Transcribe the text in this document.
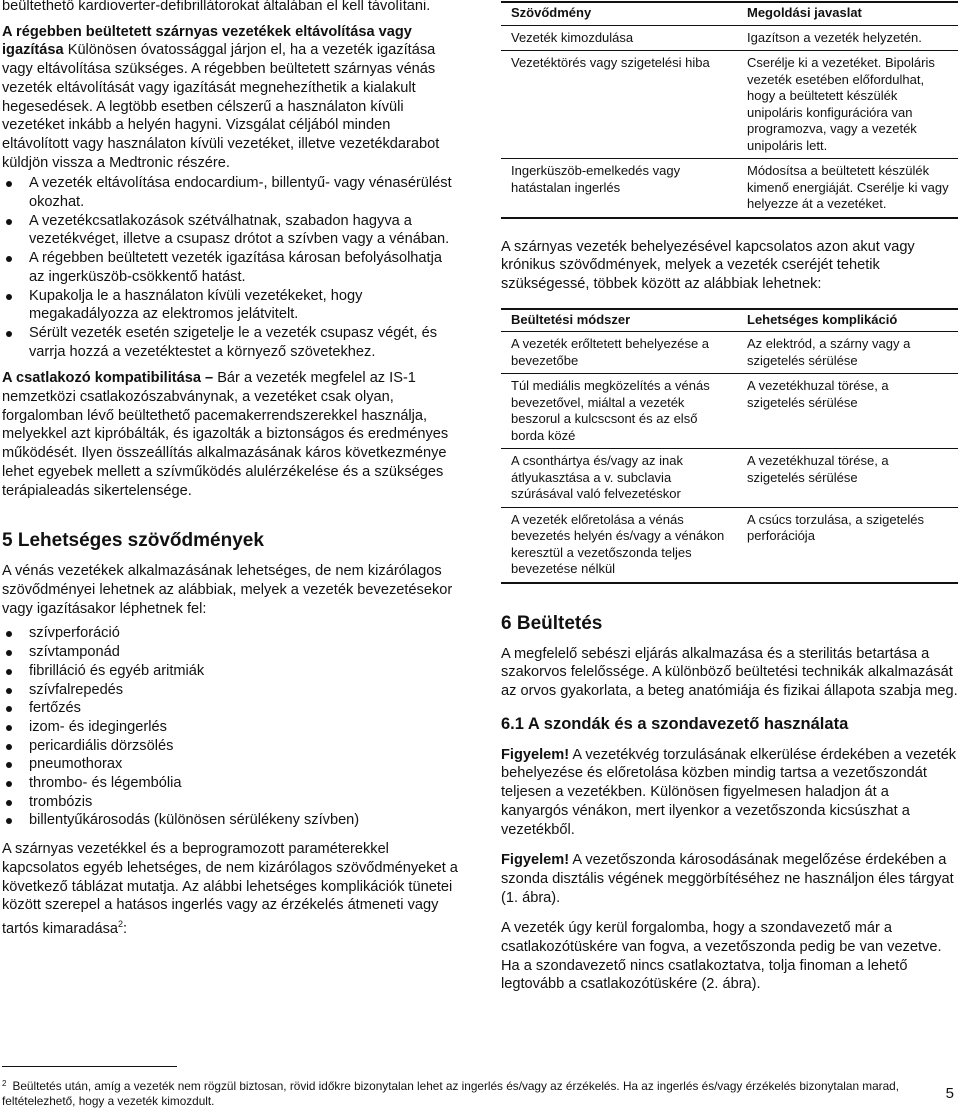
beültethető kardioverter-defibrillátorokat általában el kell távolítani.

A régebben beültetett szárnyas vezetékek eltávolítása vagy igazítása Különösen óvatossággal járjon el, ha a vezeték igazítása vagy eltávolítása szükséges. A régebben beültetett szárnyas vénás vezeték eltávolítását vagy igazítását megnehezíthetik a kialakult hegesedések. A legtöbb esetben célszerű a használaton kívüli vezetéket inkább a helyén hagyni. Vizsgálat céljából minden eltávolított vagy használaton kívüli vezetéket, illetve vezetékdarabot küldjön vissza a Medtronic részére.

A vezeték eltávolítása endocardium-, billentyű- vagy vénasérülést okozhat.
A vezetékcsatlakozások szétválhatnak, szabadon hagyva a vezetékvéget, illetve a csupasz drótot a szívben vagy a vénában.
A régebben beültetett vezeték igazítása károsan befolyásolhatja az ingerküszöb-csökkentő hatást.
Kupakolja le a használaton kívüli vezetékeket, hogy megakadályozza az elektromos jelátvitelt.
Sérült vezeték esetén szigetelje le a vezeték csupasz végét, és varrja hozzá a vezetéktestet a környező szövetekhez.

A csatlakozó kompatibilitása – Bár a vezeték megfelel az IS-1 nemzetközi csatlakozószabványnak, a vezetéket csak olyan, forgalomban lévő beültethető pacemakerrendszerekkel használja, melyekkel azt kipróbálták, és igazolták a biztonságos és eredményes működését. Ilyen összeállítás alkalmazásának káros következménye lehet egyebek mellett a szívműködés alulérzékelése és a szükséges terápialeadás sikertelensége.

5 Lehetséges szövődmények

A vénás vezetékek alkalmazásának lehetséges, de nem kizárólagos szövődményei lehetnek az alábbiak, melyek a vezeték bevezetésekor vagy igazításakor léphetnek fel:

szívperforáció
szívtamponád
fibrilláció és egyéb aritmiák
szívfalrepedés
fertőzés
izom- és idegingerlés
pericardiális dörzsölés
pneumothorax
thrombo- és légembólia
trombózis
billentyűkárosodás (különösen sérülékeny szívben)

A szárnyas vezetékkel és a beprogramozott paraméterekkel kapcsolatos egyéb lehetséges, de nem kizárólagos szövődményeket a következő táblázat mutatja. Az alábbi lehetséges komplikációk tünetei között szerepel a hatásos ingerlés vagy az érzékelés átmeneti vagy tartós kimaradása$^2$:

Szövődmény	Megoldási javaslat
Vezeték kimozdulása	Igazítson a vezeték helyzetén.
Vezetéktörés vagy szigetelési hiba	Cserélje ki a vezetéket. Bipoláris vezeték esetében előfordulhat, hogy a beültetett készülék unipoláris konfigurációra van programozva, vagy a vezeték unipoláris lett.
Ingerküszöb-emelkedés vagy hatástalan ingerlés	Módosítsa a beültetett készülék kimenő energiáját. Cserélje ki vagy helyezze át a vezetéket.

A szárnyas vezeték behelyezésével kapcsolatos azon akut vagy krónikus szövődmények, melyek a vezeték cseréjét tehetik szükségessé, többek között az alábbiak lehetnek:

Beültetési módszer	Lehetséges komplikáció
A vezeték erőltetett behelyezése a bevezetőbe	Az elektród, a szárny vagy a szigetelés sérülése
Túl mediális megközelítés a vénás bevezetővel, miáltal a vezeték beszorul a kulcscsont és az első borda közé	A vezetékhuzal törése, a szigetelés sérülése
A csonthártya és/vagy az inak átlyukasztása a v. subclavia szúrásával való felvezetéskor	A vezetékhuzal törése, a szigetelés sérülése
A vezeték előretolása a vénás bevezetés helyén és/vagy a vénákon keresztül a vezetőszonda teljes bevezetése nélkül	A csúcs torzulása, a szigetelés perforációja

6 Beültetés

A megfelelő sebészi eljárás alkalmazása és a sterilitás betartása a szakorvos felelőssége. A különböző beültetési technikák alkalmazását az orvos gyakorlata, a beteg anatómiája és fizikai állapota szabja meg.

6.1 A szondák és a szondavezető használata

Figyelem! A vezetékvég torzulásának elkerülése érdekében a vezeték behelyezése és előretolása közben mindig tartsa a vezetőszondát teljesen a vezetékben. Különösen figyelmesen haladjon át a kanyargós vénákon, mert ilyenkor a vezetőszonda kicsúszhat a vezetékből.

Figyelem! A vezetőszonda károsodásának megelőzése érdekében a szonda disztális végének meggörbítéséhez ne használjon éles tárgyat (1. ábra).

A vezeték úgy kerül forgalomba, hogy a szondavezető már a csatlakozótüskére van fogva, a vezetőszonda pedig be van vezetve. Ha a szondavezető nincs csatlakoztatva, tolja finoman a lehető legtovább a csatlakozótüskére (2. ábra).

$^2$ Beültetés után, amíg a vezeték nem rögzül biztosan, rövid időkre bizonytalan lehet az ingerlés és/vagy az érzékelés. Ha az ingerlés és/vagy érzékelés bizonytalan marad, feltételezhető, hogy a vezeték kimozdult.	5
